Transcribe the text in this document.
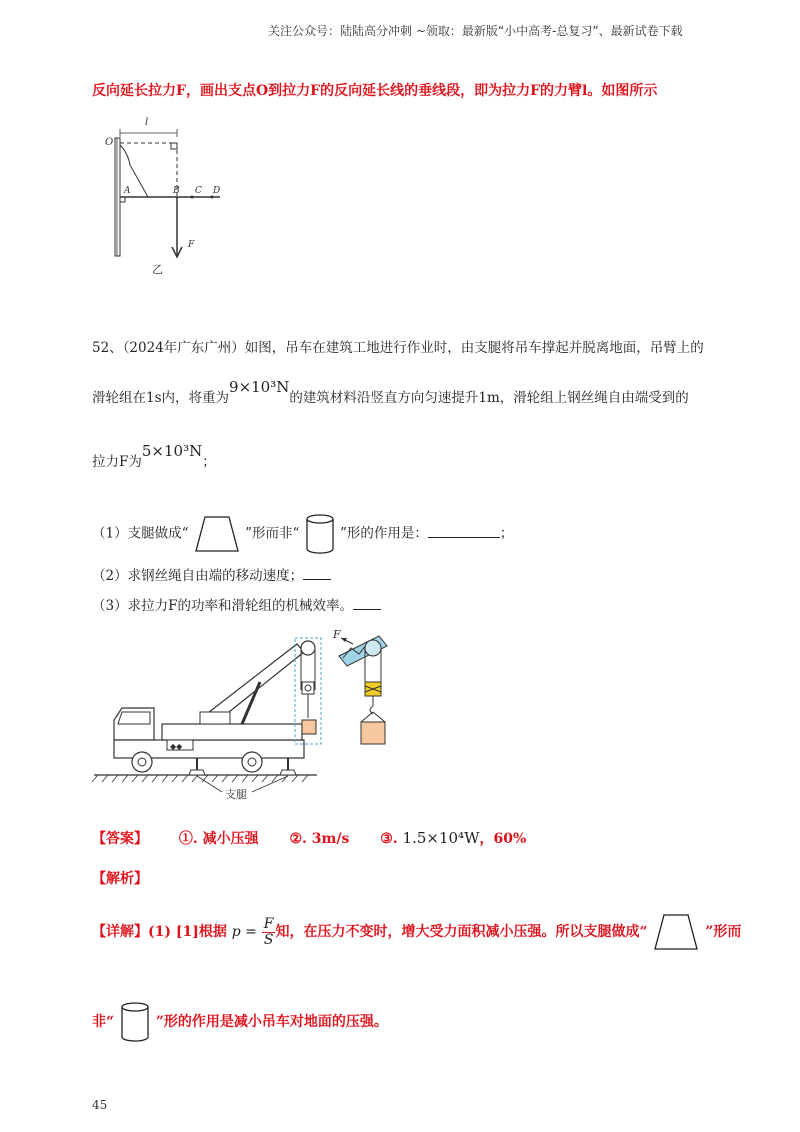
关注公众号：陆陆高分冲刺 ~领取：最新版“小中高考-总复习”、最新试卷下载
反向延长拉力F，画出支点O到拉力F的反向延长线的垂线段，即为拉力F的力臂l。如图所示
O
l
A	B C D
F
乙
52、（2024年广东广州）如图，吊车在建筑工地进行作业时，由支腿将吊车撑起并脱离地面，吊臂上的
滑轮组在1s内，将重为9×10³N的建筑材料沿竖直方向匀速提升1m，滑轮组上钢丝绳自由端受到的
拉力F为5×10³N；
（1）支腿做成“	”形而非“	”形的作用是：	；
（2）求钢丝绳自由端的移动速度；
（3）求拉力F的功率和滑轮组的机械效率。
◆◆
F
支腿
【答案】 ①. 减小压强 ②. 3m/s ③. 1.5×10⁴W，60%
【解析】
【详解】(1) [1]根据 $p = \frac{F}{S}$ 知，在压力不变时，增大受力面积减小压强。所以支腿做成“	”形而
非“	”形的作用是减小吊车对地面的压强。
45
